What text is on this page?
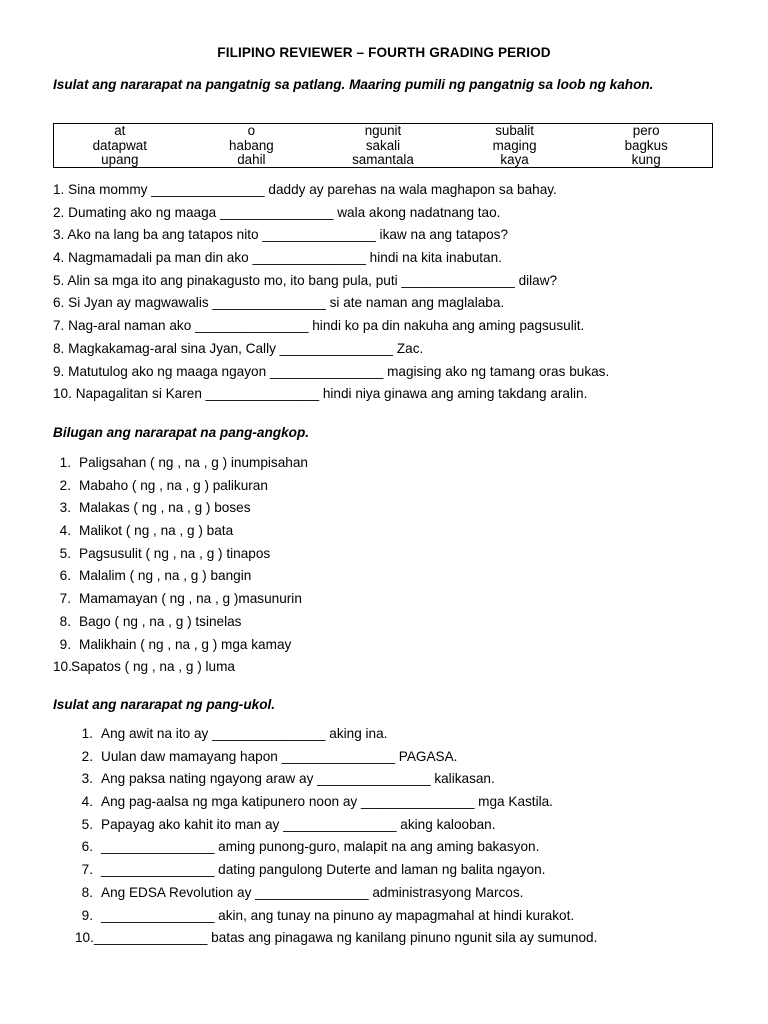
FILIPINO REVIEWER – FOURTH GRADING PERIOD
Isulat ang nararapat na pangatnig sa patlang. Maaring pumili ng pangatnig sa loob ng kahon.
at	o	ngunit	subalit	pero
datapwat	habang	sakali	maging	bagkus
upang	dahil	samantala	kaya	kung
1. Sina mommy _______________ daddy ay parehas na wala maghapon sa bahay.
2. Dumating ako ng maaga _______________ wala akong nadatnang tao.
3. Ako na lang ba ang tatapos nito _______________ ikaw na ang tatapos?
4. Nagmamadali pa man din ako _______________ hindi na kita inabutan.
5. Alin sa mga ito ang pinakagusto mo, ito bang pula, puti _______________ dilaw?
6. Si Jyan ay magwawalis _______________ si ate naman ang maglalaba.
7. Nag-aral naman ako _______________ hindi ko pa din nakuha ang aming pagsusulit.
8. Magkakamag-aral sina Jyan, Cally _______________ Zac.
9. Matutulog ako ng maaga ngayon _______________ magising ako ng tamang oras bukas.
10. Napagalitan si Karen _______________ hindi niya ginawa ang aming takdang aralin.
Bilugan ang nararapat na pang-angkop.
1. Paligsahan ( ng , na , g ) inumpisahan
2. Mabaho ( ng , na , g ) palikuran
3. Malakas ( ng , na , g ) boses
4. Malikot ( ng , na , g ) bata
5. Pagsusulit ( ng , na , g ) tinapos
6. Malalim ( ng , na , g ) bangin
7. Mamamayan ( ng , na , g )masunurin
8. Bago ( ng , na , g ) tsinelas
9. Malikhain ( ng , na , g ) mga kamay
10.Sapatos ( ng , na , g ) luma
Isulat ang nararapat ng pang-ukol.
1. Ang awit na ito ay _______________ aking ina.
2. Uulan daw mamayang hapon _______________ PAGASA.
3. Ang paksa nating ngayong araw ay _______________ kalikasan.
4. Ang pag-aalsa ng mga katipunero noon ay _______________ mga Kastila.
5. Papayag ako kahit ito man ay _______________ aking kalooban.
6. _______________ aming punong-guro, malapit na ang aming bakasyon.
7. _______________ dating pangulong Duterte and laman ng balita ngayon.
8. Ang EDSA Revolution ay _______________ administrasyong Marcos.
9. _______________ akin, ang tunay na pinuno ay mapagmahal at hindi kurakot.
10._______________ batas ang pinagawa ng kanilang pinuno ngunit sila ay sumunod.
